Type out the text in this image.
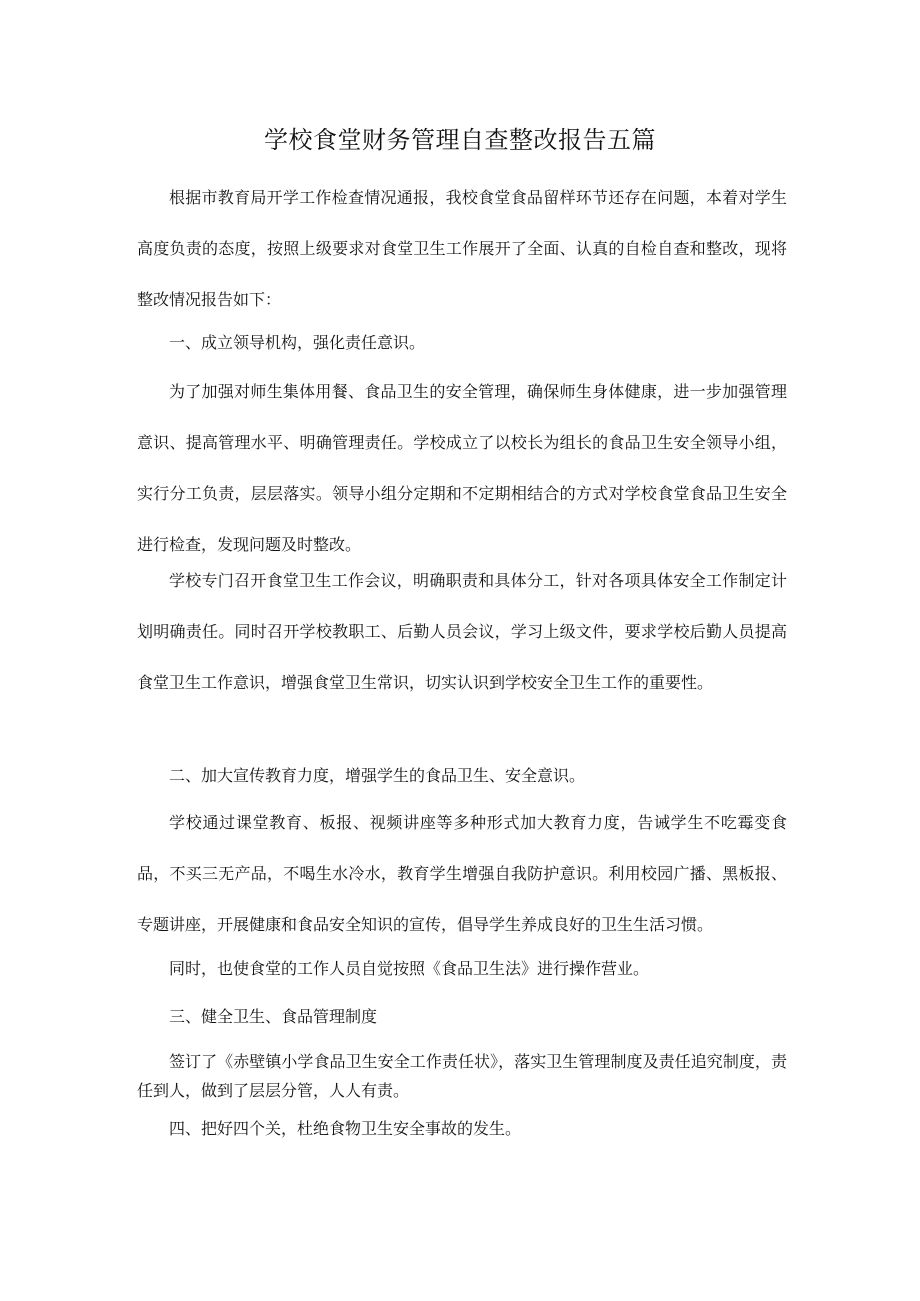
学校食堂财务管理自查整改报告五篇
根据市教育局开学工作检查情况通报，我校食堂食品留样环节还存在问题，本着对学生高度负责的态度，按照上级要求对食堂卫生工作展开了全面、认真的自检自查和整改，现将整改情况报告如下：
一、成立领导机构，强化责任意识。
为了加强对师生集体用餐、食品卫生的安全管理，确保师生身体健康，进一步加强管理意识、提高管理水平、明确管理责任。学校成立了以校长为组长的食品卫生安全领导小组，实行分工负责，层层落实。领导小组分定期和不定期相结合的方式对学校食堂食品卫生安全进行检查，发现问题及时整改。
学校专门召开食堂卫生工作会议，明确职责和具体分工，针对各项具体安全工作制定计划明确责任。同时召开学校教职工、后勤人员会议，学习上级文件，要求学校后勤人员提高食堂卫生工作意识，增强食堂卫生常识，切实认识到学校安全卫生工作的重要性。
二、加大宣传教育力度，增强学生的食品卫生、安全意识。
学校通过课堂教育、板报、视频讲座等多种形式加大教育力度，告诫学生不吃霉变食品，不买三无产品，不喝生水冷水，教育学生增强自我防护意识。利用校园广播、黑板报、专题讲座，开展健康和食品安全知识的宣传，倡导学生养成良好的卫生生活习惯。
同时，也使食堂的工作人员自觉按照《食品卫生法》进行操作营业。
三、健全卫生、食品管理制度
签订了《赤壁镇小学食品卫生安全工作责任状》，落实卫生管理制度及责任追究制度，责任到人，做到了层层分管，人人有责。
四、把好四个关，杜绝食物卫生安全事故的发生。
